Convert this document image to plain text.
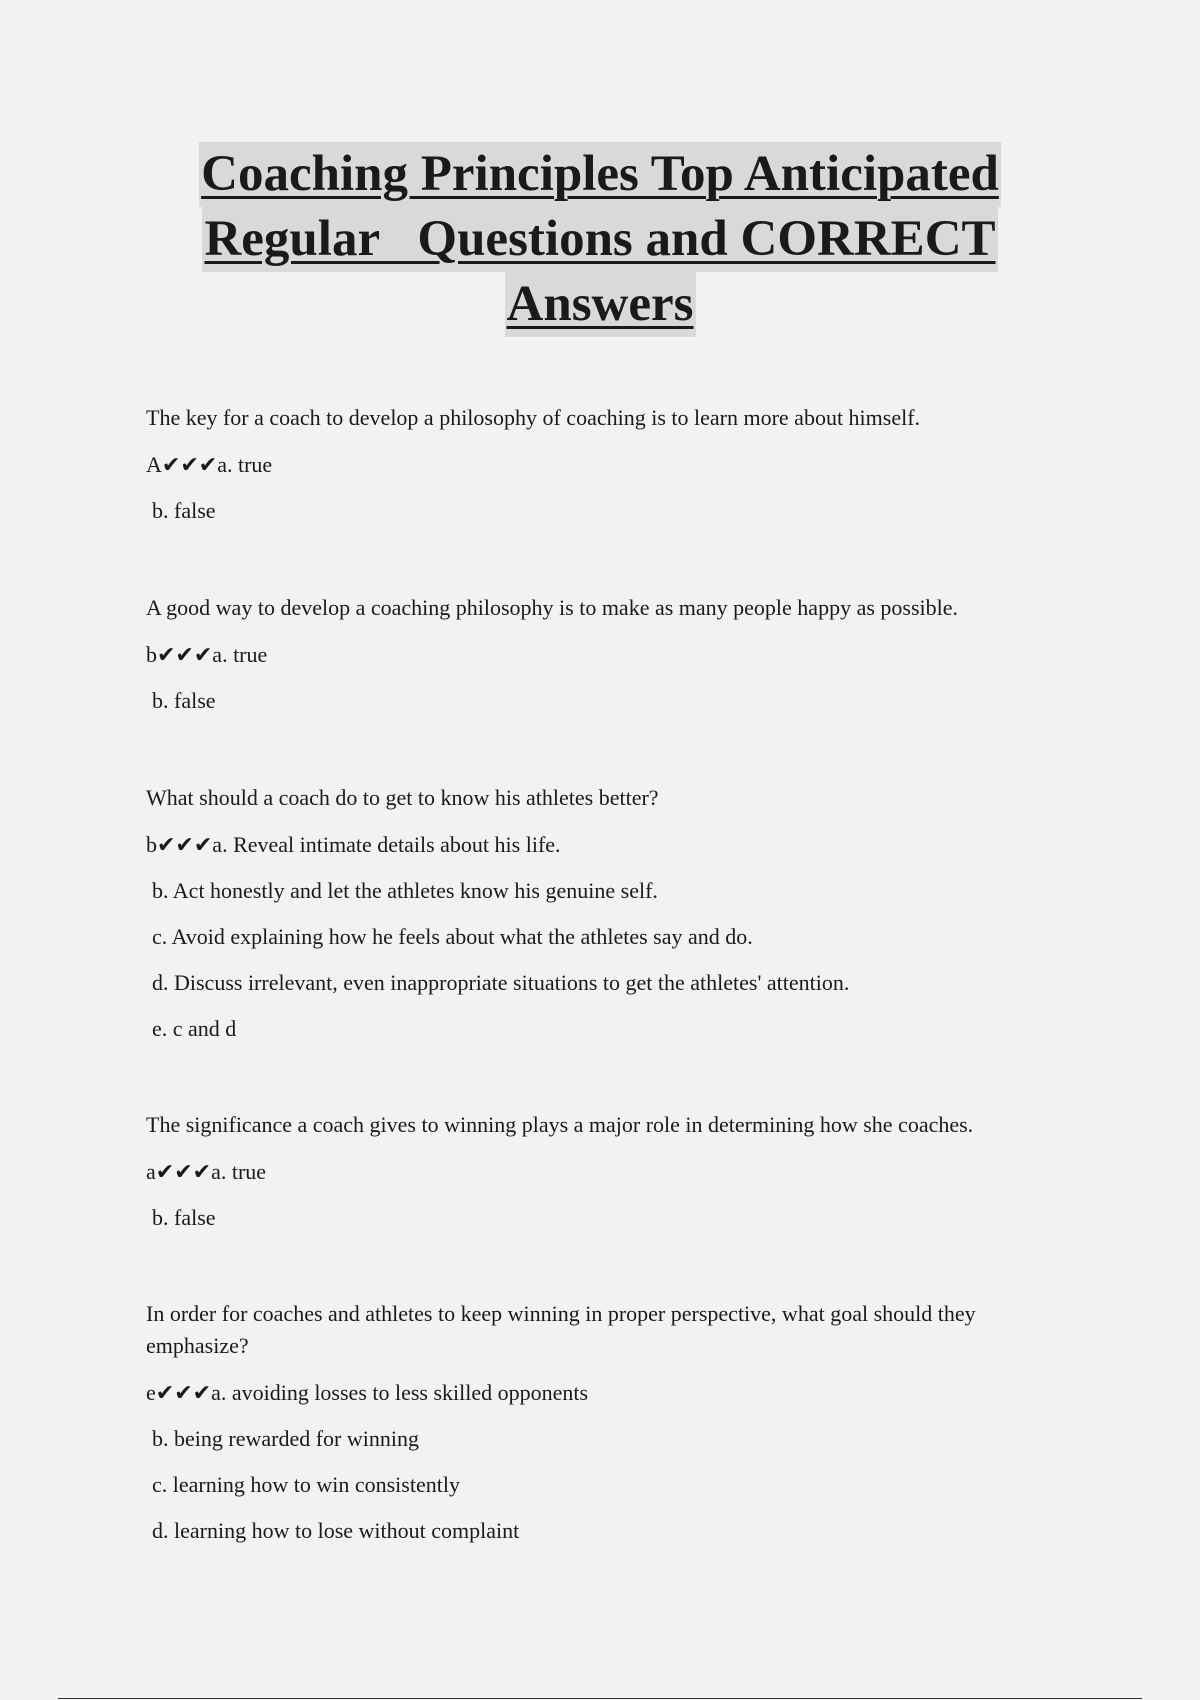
Coaching Principles Top Anticipated
Regular   Questions and CORRECT
Answers

The key for a coach to develop a philosophy of coaching is to learn more about himself.

A✔✔✔a. true

b. false

A good way to develop a coaching philosophy is to make as many people happy as possible.

b✔✔✔a. true

b. false

What should a coach do to get to know his athletes better?

b✔✔✔a. Reveal intimate details about his life.

b. Act honestly and let the athletes know his genuine self.

c. Avoid explaining how he feels about what the athletes say and do.

d. Discuss irrelevant, even inappropriate situations to get the athletes' attention.

e. c and d

The significance a coach gives to winning plays a major role in determining how she coaches.

a✔✔✔a. true

b. false

In order for coaches and athletes to keep winning in proper perspective, what goal should they emphasize?

e✔✔✔a. avoiding losses to less skilled opponents

b. being rewarded for winning

c. learning how to win consistently

d. learning how to lose without complaint
